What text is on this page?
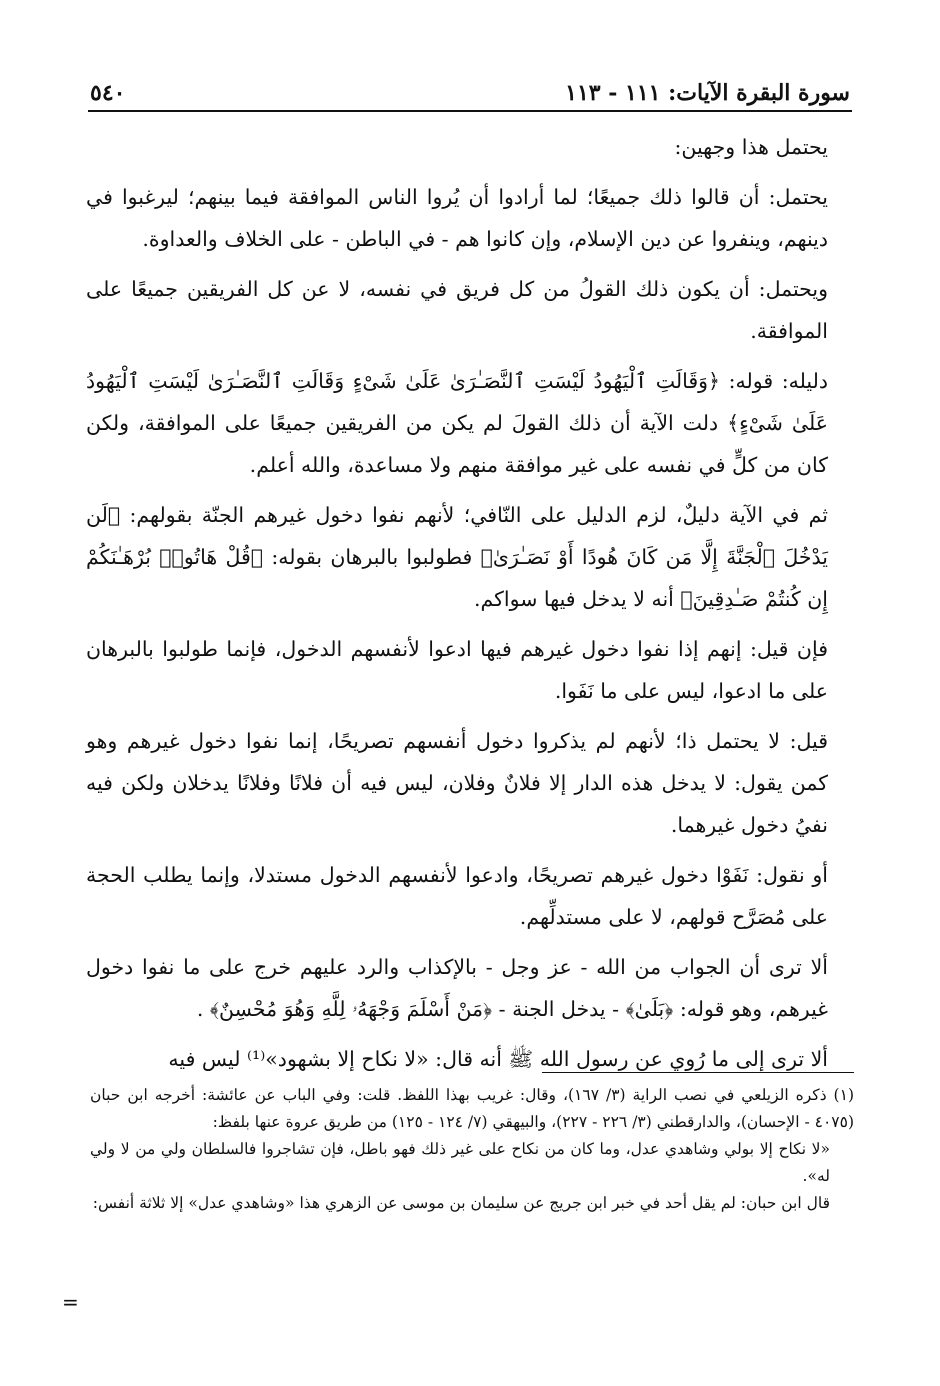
سورة البقرة الآيات: ١١١ - ١١٣
٥٤٠

يحتمل هذا وجهين:

يحتمل: أن قالوا ذلك جميعًا؛ لما أرادوا أن يُروا الناس الموافقة فيما بينهم؛ ليرغبوا في دينهم، وينفروا عن دين الإسلام، وإن كانوا هم - في الباطن - على الخلاف والعداوة.

ويحتمل: أن يكون ذلك القولُ من كل فريق في نفسه، لا عن كل الفريقين جميعًا على الموافقة.

دليله: قوله: ﴿وَقَالَتِ ٱلْيَهُودُ لَيْسَتِ ٱلنَّصَـٰرَىٰ عَلَىٰ شَىْءٍ وَقَالَتِ ٱلنَّصَـٰرَىٰ لَيْسَتِ ٱلْيَهُودُ عَلَىٰ شَىْءٍ﴾ دلت الآية أن ذلك القولَ لم يكن من الفريقين جميعًا على الموافقة، ولكن كان من كلٍّ في نفسه على غير موافقة منهم ولا مساعدة، والله أعلم.

ثم في الآية دليلٌ، لزم الدليل على النّافي؛ لأنهم نفوا دخول غيرهم الجنّة بقولهم: ﴿لَن يَدْخُلَ ٱلْجَنَّةَ إِلَّا مَن كَانَ هُودًا أَوْ نَصَـٰرَىٰ﴾ فطولبوا بالبرهان بقوله: ﴿قُلْ هَاتُوا۟ بُرْهَـٰنَكُمْ إِن كُنتُمْ صَـٰدِقِينَ﴾ أنه لا يدخل فيها سواكم.

فإن قيل: إنهم إذا نفوا دخول غيرهم فيها ادعوا لأنفسهم الدخول، فإنما طولبوا بالبرهان على ما ادعوا، ليس على ما نَفَوا.

قيل: لا يحتمل ذا؛ لأنهم لم يذكروا دخول أنفسهم تصريحًا، إنما نفوا دخول غيرهم وهو كمن يقول: لا يدخل هذه الدار إلا فلانٌ وفلان، ليس فيه أن فلانًا وفلانًا يدخلان ولكن فيه نفيُ دخول غيرهما.

أو نقول: نَفَوْا دخول غيرهم تصريحًا، وادعوا لأنفسهم الدخول مستدلا، وإنما يطلب الحجة على مُصَرَّح قولهم، لا على مستدلِّهم.

ألا ترى أن الجواب من الله - عز وجل - بالإكذاب والرد عليهم خرج على ما نفوا دخول غيرهم، وهو قوله: ﴿بَلَىٰ﴾ - يدخل الجنة - ﴿مَنْ أَسْلَمَ وَجْهَهُۥ لِلَّهِ وَهُوَ مُحْسِنٌ﴾ .

ألا ترى إلى ما رُوي عن رسول الله ﷺ أنه قال: «لا نكاح إلا بشهود»⁽¹⁾ ليس فيه

(١) ذكره الزيلعي في نصب الراية (٣/ ١٦٧)، وقال: غريب بهذا اللفظ. قلت: وفي الباب عن عائشة: أخرجه ابن حبان (٤٠٧٥ - الإحسان)، والدارقطني (٣/ ٢٢٦ - ٢٢٧)، والبيهقي (٧/ ١٢٤ - ١٢٥) من طريق عروة عنها بلفظ:

«لا نكاح إلا بولي وشاهدي عدل، وما كان من نكاح على غير ذلك فهو باطل، فإن تشاجروا فالسلطان ولي من لا ولي له».

قال ابن حبان: لم يقل أحد في خبر ابن جريج عن سليمان بن موسى عن الزهري هذا «وشاهدي عدل» إلا ثلاثة أنفس:

=
